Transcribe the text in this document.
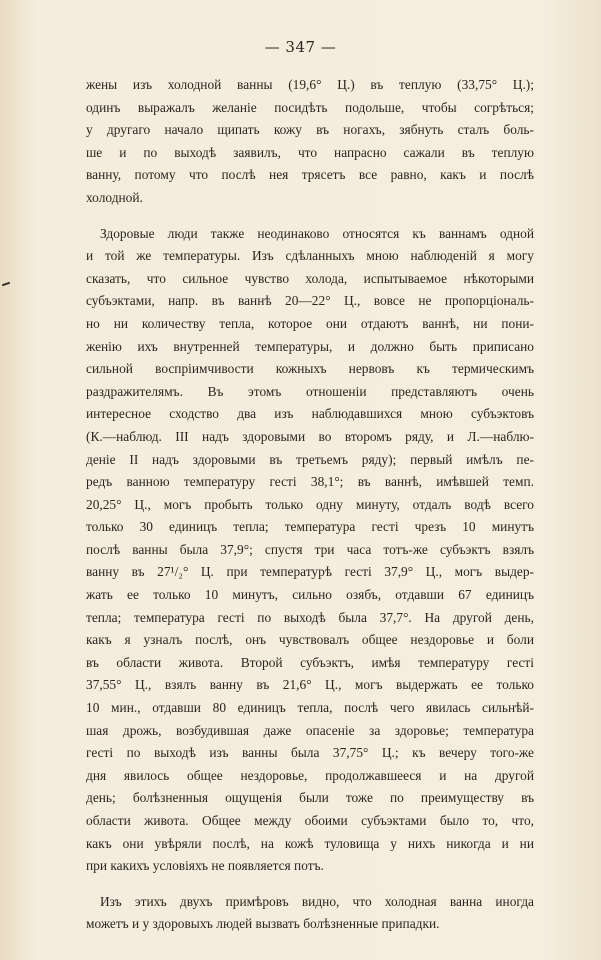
— 347 —
жены изъ холодной ванны (19,6° Ц.) въ теплую (33,75° Ц.);
одинъ выражалъ желаніе посидѣть подольше, чтобы согрѣться;
у другаго начало щипать кожу въ ногахъ, зябнуть сталъ боль-
ше и по выходѣ заявилъ, что напрасно сажали въ теплую
ванну, потому что послѣ нея трясетъ все равно, какъ и послѣ
холодной.
Здоровые люди также неодинаково относятся къ ваннамъ одной
и той же температуры. Изъ сдѣланныхъ мною наблюденій я могу
сказать, что сильное чувство холода, испытываемое нѣкоторыми
субъэктами, напр. въ ваннѣ 20—22° Ц., вовсе не пропорціональ-
но ни количеству тепла, которое они отдаютъ ваннѣ, ни пони-
женію ихъ внутренней температуры, и должно быть приписано
сильной воспріимчивости кожныхъ нервовъ къ термическимъ
раздражителямъ. Въ этомъ отношеніи представляютъ очень
интересное сходство два изъ наблюдавшихся мною субъэктовъ
(К.—наблюд. III надъ здоровыми во второмъ ряду, и Л.—наблю-
деніе II надъ здоровыми въ третьемъ ряду); первый имѣлъ пе-
редъ ванною температуру гесті 38,1°; въ ваннѣ, имѣвшей темп.
20,25° Ц., могъ пробыть только одну минуту, отдалъ водѣ всего
только 30 единицъ тепла; температура гесті чрезъ 10 минутъ
послѣ ванны была 37,9°; спустя три часа тотъ-же субъэктъ взялъ
ванну въ 27¹/₂° Ц. при температурѣ гесті 37,9° Ц., могъ выдер-
жать ее только 10 минутъ, сильно озябъ, отдавши 67 единицъ
тепла; температура гесті по выходѣ была 37,7°. На другой день,
какъ я узналъ послѣ, онъ чувствовалъ общее нездоровье и боли
въ области живота. Второй субъэктъ, имѣя температуру гесті
37,55° Ц., взялъ ванну въ 21,6° Ц., могъ выдержать ее только
10 мин., отдавши 80 единицъ тепла, послѣ чего явилась сильнѣй-
шая дрожь, возбудившая даже опасеніе за здоровье; температура
гесті по выходѣ изъ ванны была 37,75° Ц.; къ вечеру того-же
дня явилось общее нездоровье, продолжавшееся и на другой
день; болѣзненныя ощущенія были тоже по преимуществу въ
области живота. Общее между обоими субъэктами было то, что,
какъ они увѣряли послѣ, на кожѣ туловища у нихъ никогда и ни
при какихъ условіяхъ не появляется потъ.
Изъ этихъ двухъ примѣровъ видно, что холодная ванна иногда
можетъ и у здоровыхъ людей вызвать болѣзненные припадки.
